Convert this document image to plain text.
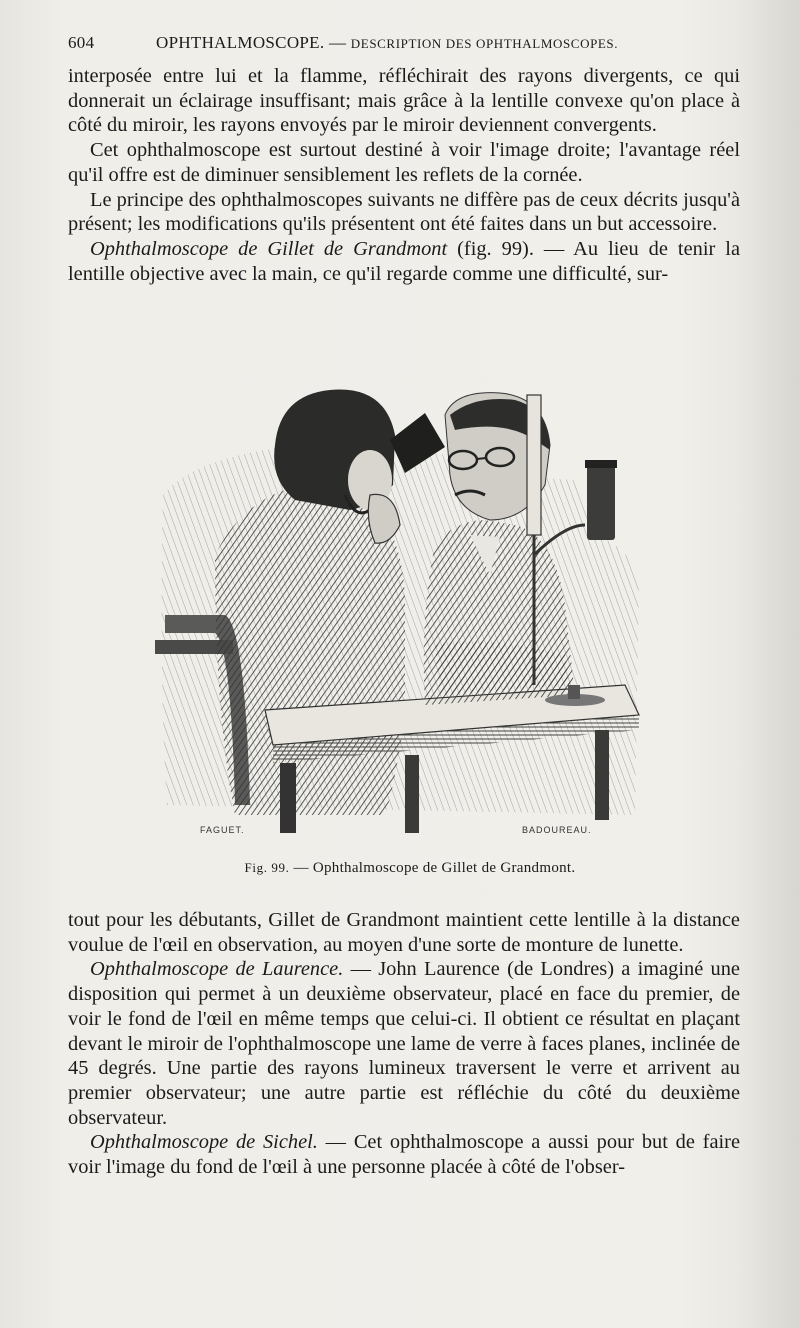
604	OPHTHALMOSCOPE. — DESCRIPTION DES OPHTHALMOSCOPES.

interposée entre lui et la flamme, réfléchirait des rayons divergents, ce qui donnerait un éclairage insuffisant; mais grâce à la lentille convexe qu'on place à côté du miroir, les rayons envoyés par le miroir deviennent convergents.

Cet ophthalmoscope est surtout destiné à voir l'image droite; l'avantage réel qu'il offre est de diminuer sensiblement les reflets de la cornée.

Le principe des ophthalmoscopes suivants ne diffère pas de ceux décrits jusqu'à présent; les modifications qu'ils présentent ont été faites dans un but accessoire.

Ophthalmoscope de Gillet de Grandmont (fig. 99). — Au lieu de tenir la lentille objective avec la main, ce qu'il regarde comme une difficulté, sur-

FAGUET.	BADOUREAU.
Fig. 99. — Ophthalmoscope de Gillet de Grandmont.

tout pour les débutants, Gillet de Grandmont maintient cette lentille à la distance voulue de l'œil en observation, au moyen d'une sorte de monture de lunette.

Ophthalmoscope de Laurence. — John Laurence (de Londres) a imaginé une disposition qui permet à un deuxième observateur, placé en face du premier, de voir le fond de l'œil en même temps que celui-ci. Il obtient ce résultat en plaçant devant le miroir de l'ophthalmoscope une lame de verre à faces planes, inclinée de 45 degrés. Une partie des rayons lumineux traversent le verre et arrivent au premier observateur; une autre partie est réfléchie du côté du deuxième observateur.

Ophthalmoscope de Sichel. — Cet ophthalmoscope a aussi pour but de faire voir l'image du fond de l'œil à une personne placée à côté de l'obser-
